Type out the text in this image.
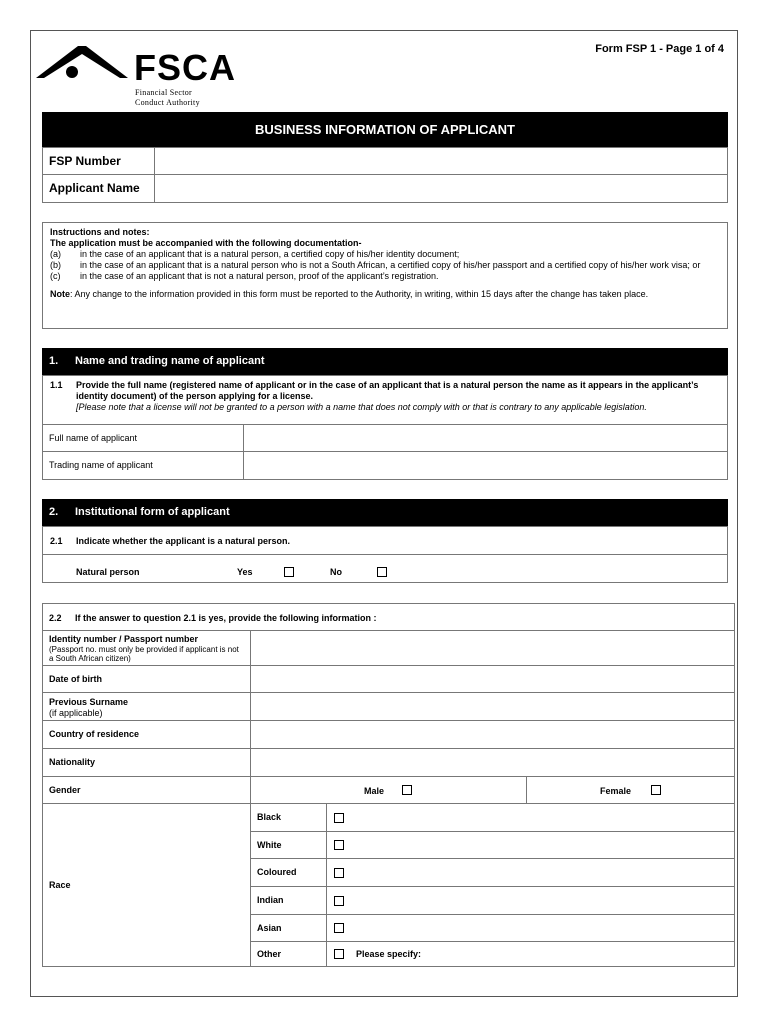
FSCA
Financial Sector
Conduct Authority
Form FSP 1 - Page 1 of 4
BUSINESS INFORMATION OF APPLICANT
FSP Number
Applicant Name
Instructions and notes:
The application must be accompanied with the following documentation-
(a)	in the case of an applicant that is a natural person, a certified copy of his/her identity document;
(b)	in the case of an applicant that is a natural person who is not a South African, a certified copy of his/her passport and a certified copy of his/her work visa; or
(c)	in the case of an applicant that is not a natural person, proof of the applicant’s registration.
Note: Any change to the information provided in this form must be reported to the Authority, in writing, within 15 days after the change has taken place.
1. Name and trading name of applicant
1.1	Provide the full name (registered name of applicant or in the case of an applicant that is a natural person the name as it appears in the applicant’s identity document) of the person applying for a license.
[Please note that a license will not be granted to a person with a name that does not comply with or that is contrary to any applicable legislation.
Full name of applicant
Trading name of applicant
2. Institutional form of applicant
2.1 Indicate whether the applicant is a natural person.
Natural person	Yes	No
2.2 If the answer to question 2.1 is yes, provide the following information :
Identity number / Passport number
(Passport no. must only be provided if applicant is not a South African citizen)
Date of birth
Previous Surname
(if applicable)
Country of residence
Nationality
Gender	Male	Female
Race
Black
White
Coloured
Indian
Asian
Other	Please specify:
